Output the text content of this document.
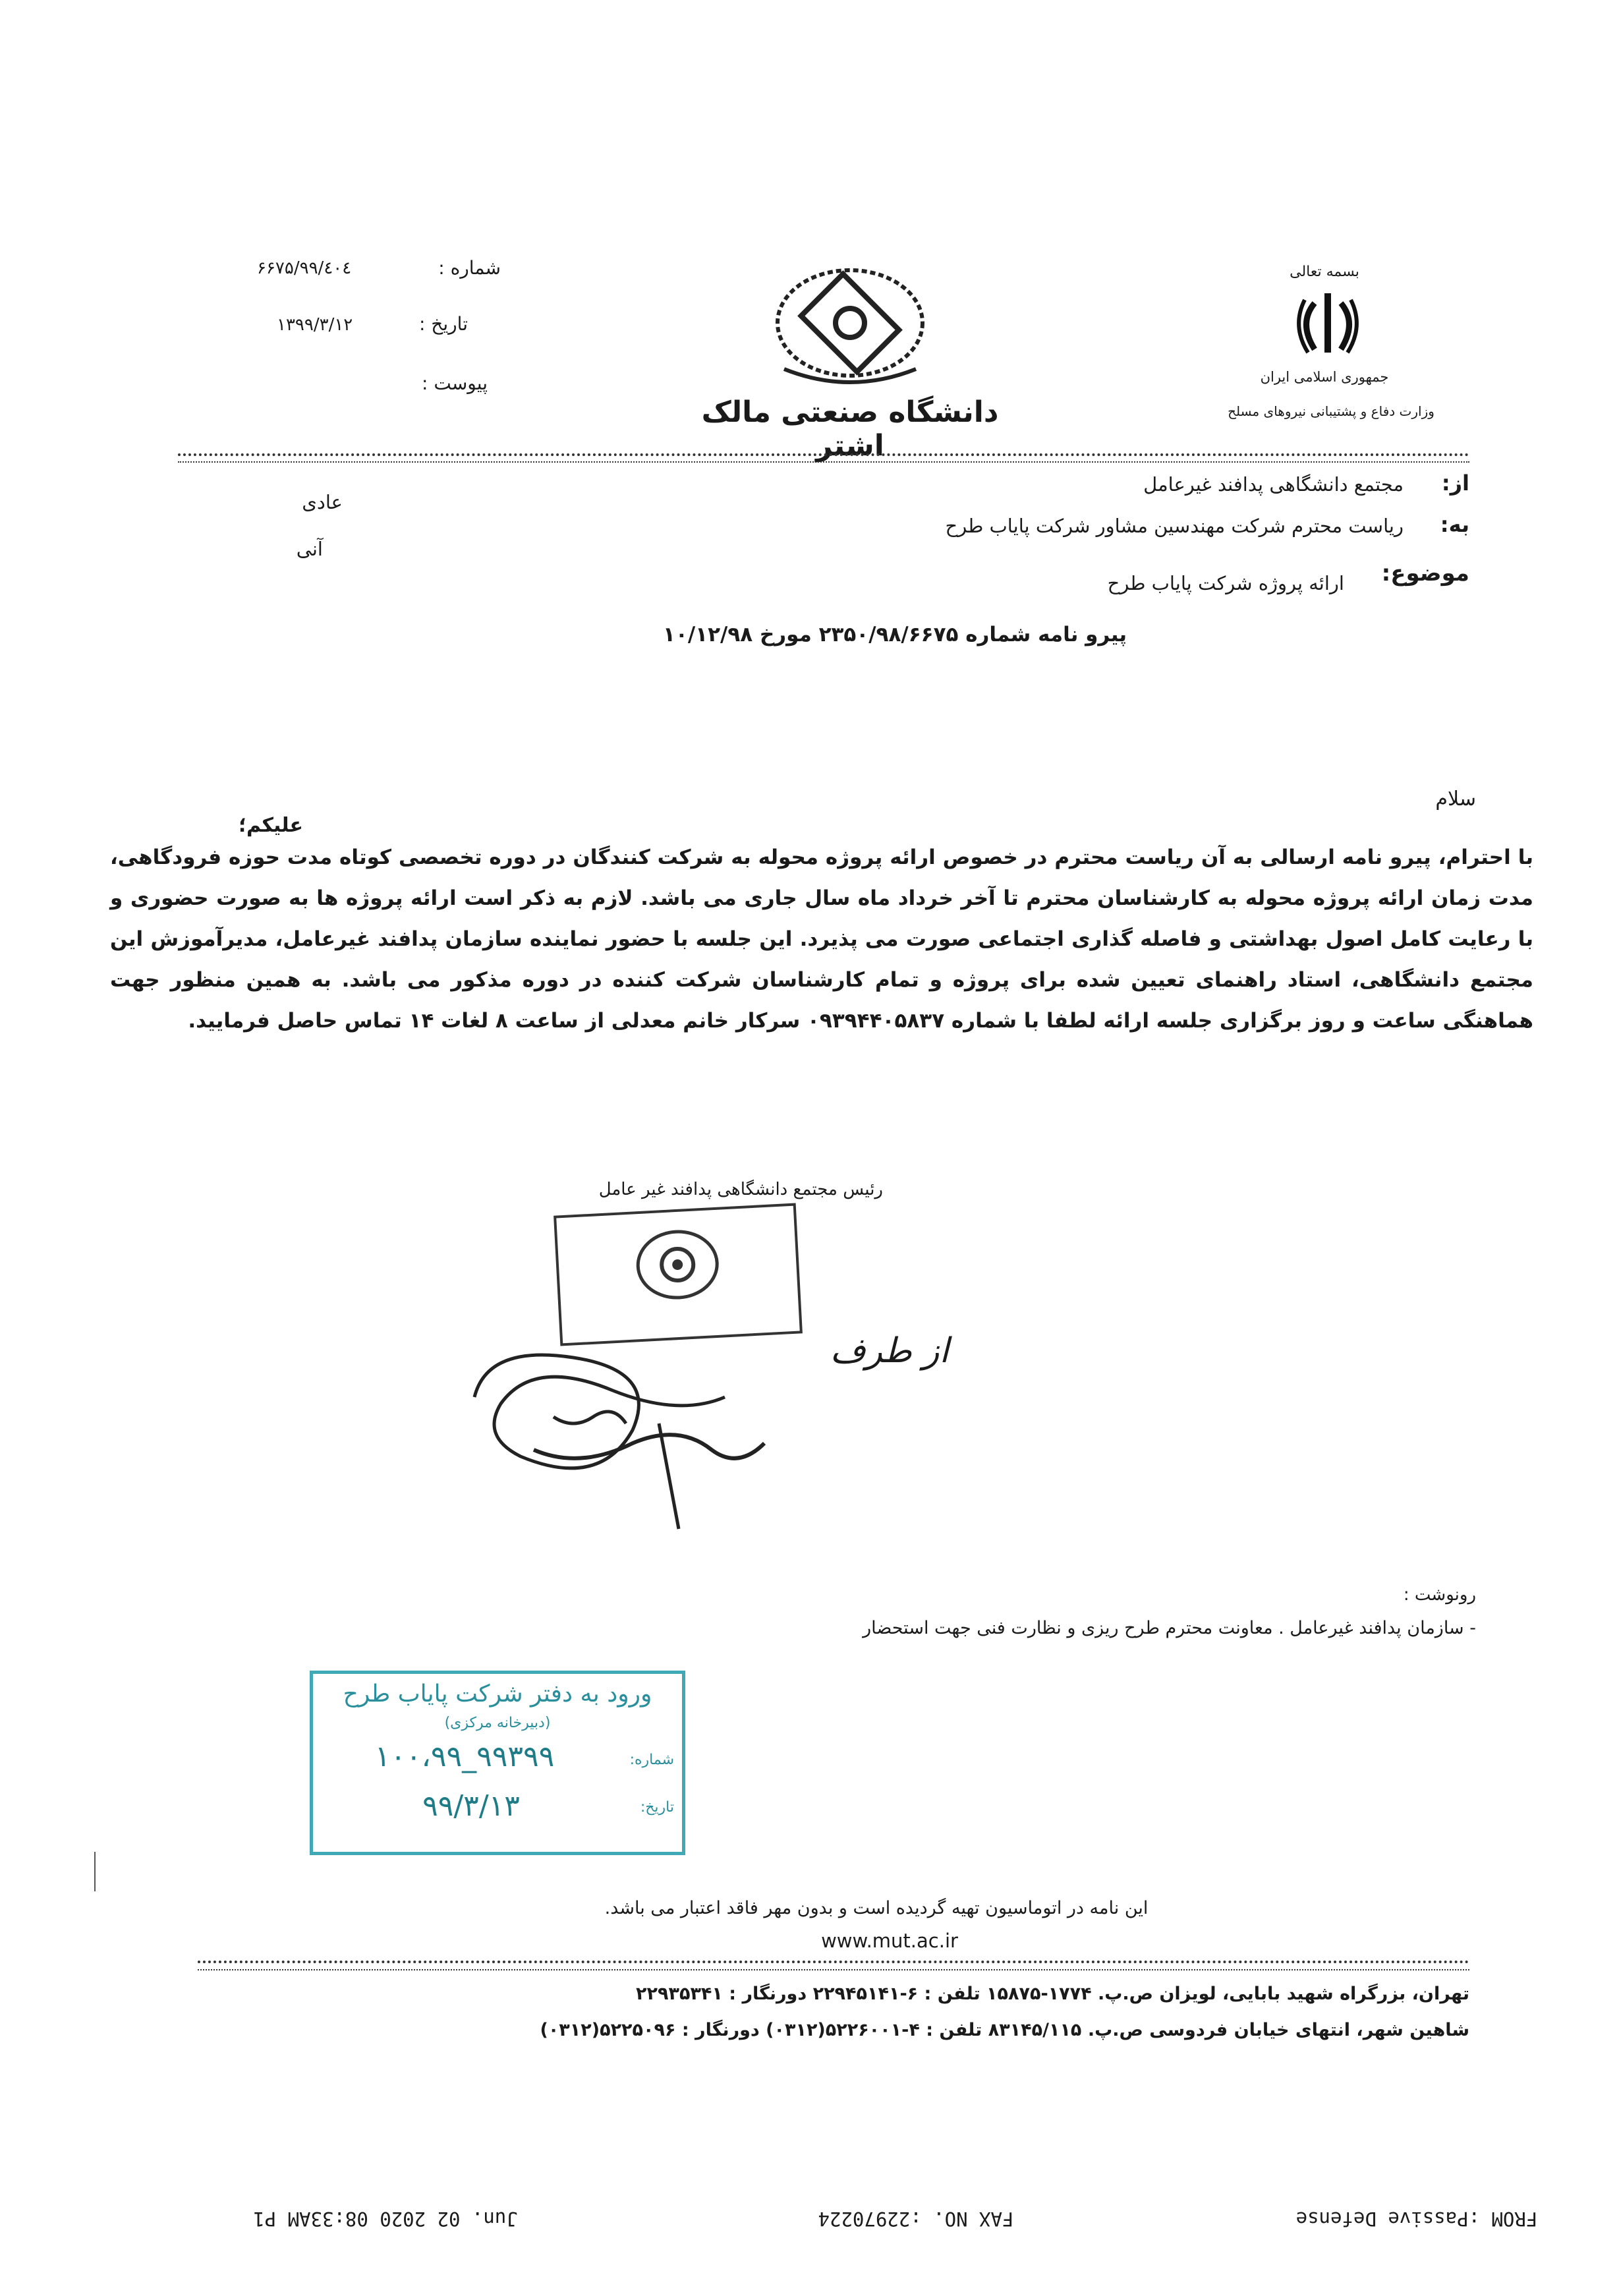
شماره :
۶۶۷۵/۹۹/٤٠٤
تاریخ :
۱۳۹۹/۳/۱۲
پیوست :
دانشگاه صنعتی مالک اشتر
بسمه تعالی
جمهوری اسلامی ایران
وزارت دفاع و پشتیبانی نیروهای مسلح
از:
مجتمع دانشگاهی پدافند غیرعامل
به:
ریاست محترم شرکت مهندسین مشاور شرکت پایاب طرح
موضوع:
ارائه پروژه شرکت پایاب طرح
عادی
آنی
پیرو نامه شماره ۲۳۵۰/۹۸/۶۶۷۵ مورخ ۱۰/۱۲/۹۸
سلام
علیکم؛
با احترام، پیرو نامه ارسالی به آن ریاست محترم در خصوص ارائه پروژه محوله به شرکت کنندگان در دوره تخصصی کوتاه مدت حوزه فرودگاهی، مدت زمان ارائه پروژه محوله به کارشناسان محترم تا آخر خرداد ماه سال جاری می باشد. لازم به ذکر است ارائه پروژه ها به صورت حضوری و با رعایت کامل اصول بهداشتی و فاصله گذاری اجتماعی صورت می پذیرد. این جلسه با حضور نماینده سازمان پدافند غیرعامل، مدیرآموزش این مجتمع دانشگاهی، استاد راهنمای تعیین شده برای پروژه و تمام کارشناسان شرکت کننده در دوره مذکور می باشد. به همین منظور جهت هماهنگی ساعت و روز برگزاری جلسه ارائه لطفا با شماره ۰۹۳۹۴۴۰۵۸۳۷ سرکار خانم معدلی از ساعت ۸ لغات ۱۴ تماس حاصل فرمایید.
رئیس مجتمع دانشگاهی پدافند غیر عامل
از طرف
رونوشت :
- سازمان پدافند غیرعامل . معاونت محترم طرح ریزی و نظارت فنی جهت استحضار
ورود به دفتر شرکت پایاب طرح
(دبیرخانه مرکزی)
شماره:
۱۰۰،۹۹_۹۹۳۹۹
تاریخ:
۹۹/۳/۱۳
این نامه در اتوماسیون تهیه گردیده است و بدون مهر فاقد اعتبار می باشد.
www.mut.ac.ir
تهران، بزرگراه شهید بابایی، لویزان ص.پ. ۱۷۷۴-۱۵۸۷۵ تلفن : ۶-۲۲۹۴۵۱۴۱ دورنگار : ۲۲۹۳۵۳۴۱
شاهین شهر، انتهای خیابان فردوسی ص.پ. ۸۳۱۴۵/۱۱۵ تلفن : ۴-۵۲۲۶۰۰۱(۰۳۱۲) دورنگار : ۵۲۲۵۰۹۶(۰۳۱۲)
Jun. 02 2020 08:33AM P1	FAX NO. :22970224	FROM :Passive Defense
